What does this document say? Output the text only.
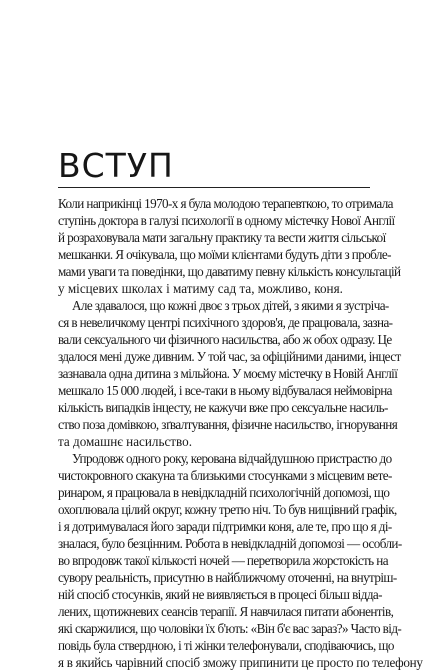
ВСТУП

Коли наприкінці 1970-х я була молодою терапевткою, то отримала
ступінь доктора в галузі психології в одному містечку Нової Англії
й розраховувала мати загальну практику та вести життя сільської
мешканки. Я очікувала, що моїми клієнтами будуть діти з пробле-
мами уваги та поведінки, що даватиму певну кількість консультацій
у місцевих школах і матиму сад та, можливо, коня.

Але здавалося, що кожні двоє з трьох дітей, з якими я зустріча-
ся в невеличкому центрі психічного здоров'я, де працювала, зазна-
вали сексуального чи фізичного насильства, або ж обох одразу. Це
здалося мені дуже дивним. У той час, за офіційними даними, інцест
зазнавала одна дитина з мільйона. У моєму містечку в Новій Англії
мешкало 15 000 людей, і все-таки в ньому відбувалася неймовірна
кількість випадків інцесту, не кажучи вже про сексуальне насиль-
ство поза домівкою, зґвалтування, фізичне насильство, ігнорування
та домашнє насильство.

Упродовж одного року, керована відчайдушною пристрастю до
чистокровного скакуна та близькими стосунками з місцевим вете-
ринаром, я працювала в невідкладній психологічній допомозі, що
охоплювала цілий округ, кожну третю ніч. То був нищівний графік,
і я дотримувалася його заради підтримки коня, але те, про що я ді-
зналася, було безцінним. Робота в невідкладній допомозі — особли-
во впродовж такої кількості ночей — перетворила жорстокість на
сувору реальність, присутню в найближчому оточенні, на внутріш-
ній спосіб стосунків, який не виявляється в процесі більш відда-
лених, щотижневих сеансів терапії. Я навчилася питати абонентів,
які скаржилися, що чоловіки їх б'ють: «Він б'є вас зараз?» Часто від-
повідь була ствердною, і ті жінки телефонували, сподіваючись, що
я в якийсь чарівний спосіб зможу припинити це просто по телефону
